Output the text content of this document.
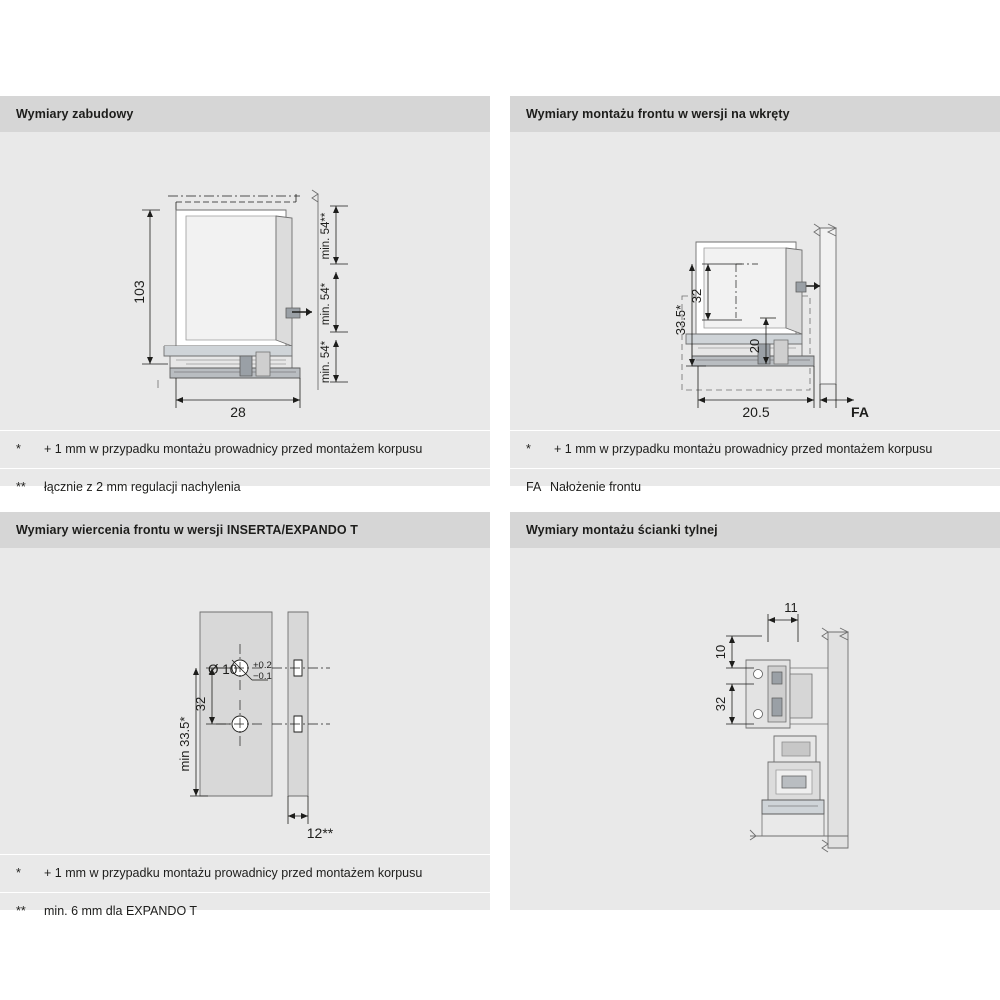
Wymiary zabudowy
103
28
min. 54**
min. 54*
min. 54*
* + 1 mm w przypadku montażu prowadnicy przed montażem korpusu
** łącznie z 2 mm regulacji nachylenia
Wymiary montażu frontu w wersji na wkręty
33.5*
32
20
20.5	FA
* + 1 mm w przypadku montażu prowadnicy przed montażem korpusu
FA Nałożenie frontu
Wymiary wiercenia frontu w wersji INSERTA/EXPANDO T
min 33.5*
32
Ø 10 +0.2
−0.1
12**
* + 1 mm w przypadku montażu prowadnicy przed montażem korpusu
** min. 6 mm dla EXPANDO T
Wymiary montażu ścianki tylnej
10
32
11
